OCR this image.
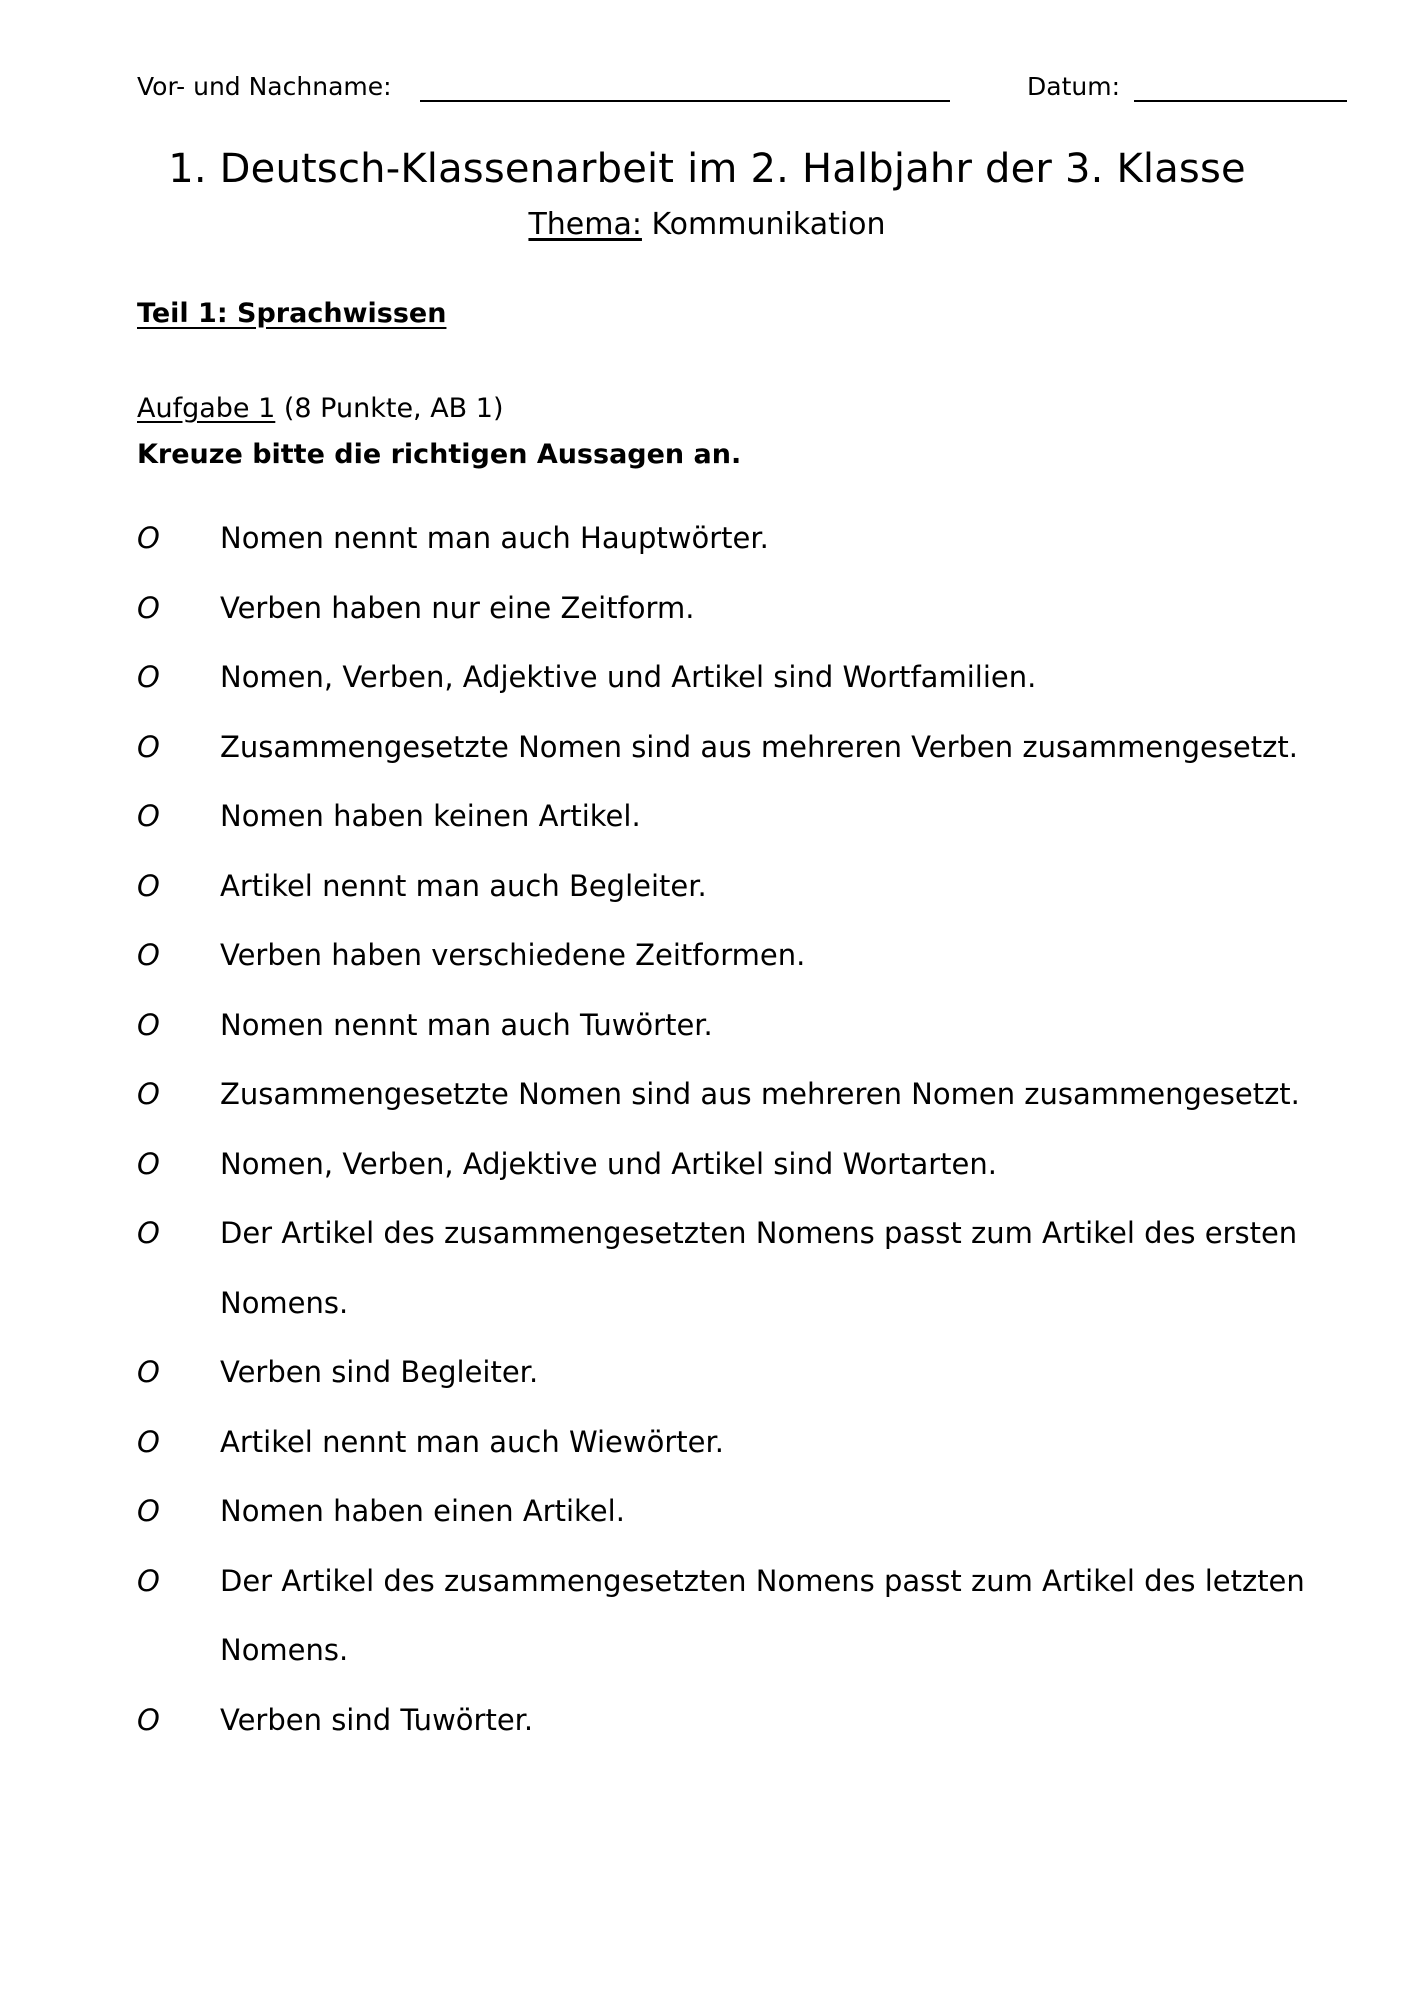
Vor- und Nachname:	Datum:
1. Deutsch-Klassenarbeit im 2. Halbjahr der 3. Klasse
Thema: Kommunikation
Teil 1: Sprachwissen
Aufgabe 1 (8 Punkte, AB 1)
Kreuze bitte die richtigen Aussagen an.
O	Nomen nennt man auch Hauptwörter.
O	Verben haben nur eine Zeitform.
O	Nomen, Verben, Adjektive und Artikel sind Wortfamilien.
O	Zusammengesetzte Nomen sind aus mehreren Verben zusammengesetzt.
O	Nomen haben keinen Artikel.
O	Artikel nennt man auch Begleiter.
O	Verben haben verschiedene Zeitformen.
O	Nomen nennt man auch Tuwörter.
O	Zusammengesetzte Nomen sind aus mehreren Nomen zusammengesetzt.
O	Nomen, Verben, Adjektive und Artikel sind Wortarten.
O	Der Artikel des zusammengesetzten Nomens passt zum Artikel des ersten Nomens.
O	Verben sind Begleiter.
O	Artikel nennt man auch Wiewörter.
O	Nomen haben einen Artikel.
O	Der Artikel des zusammengesetzten Nomens passt zum Artikel des letzten Nomens.
O	Verben sind Tuwörter.
